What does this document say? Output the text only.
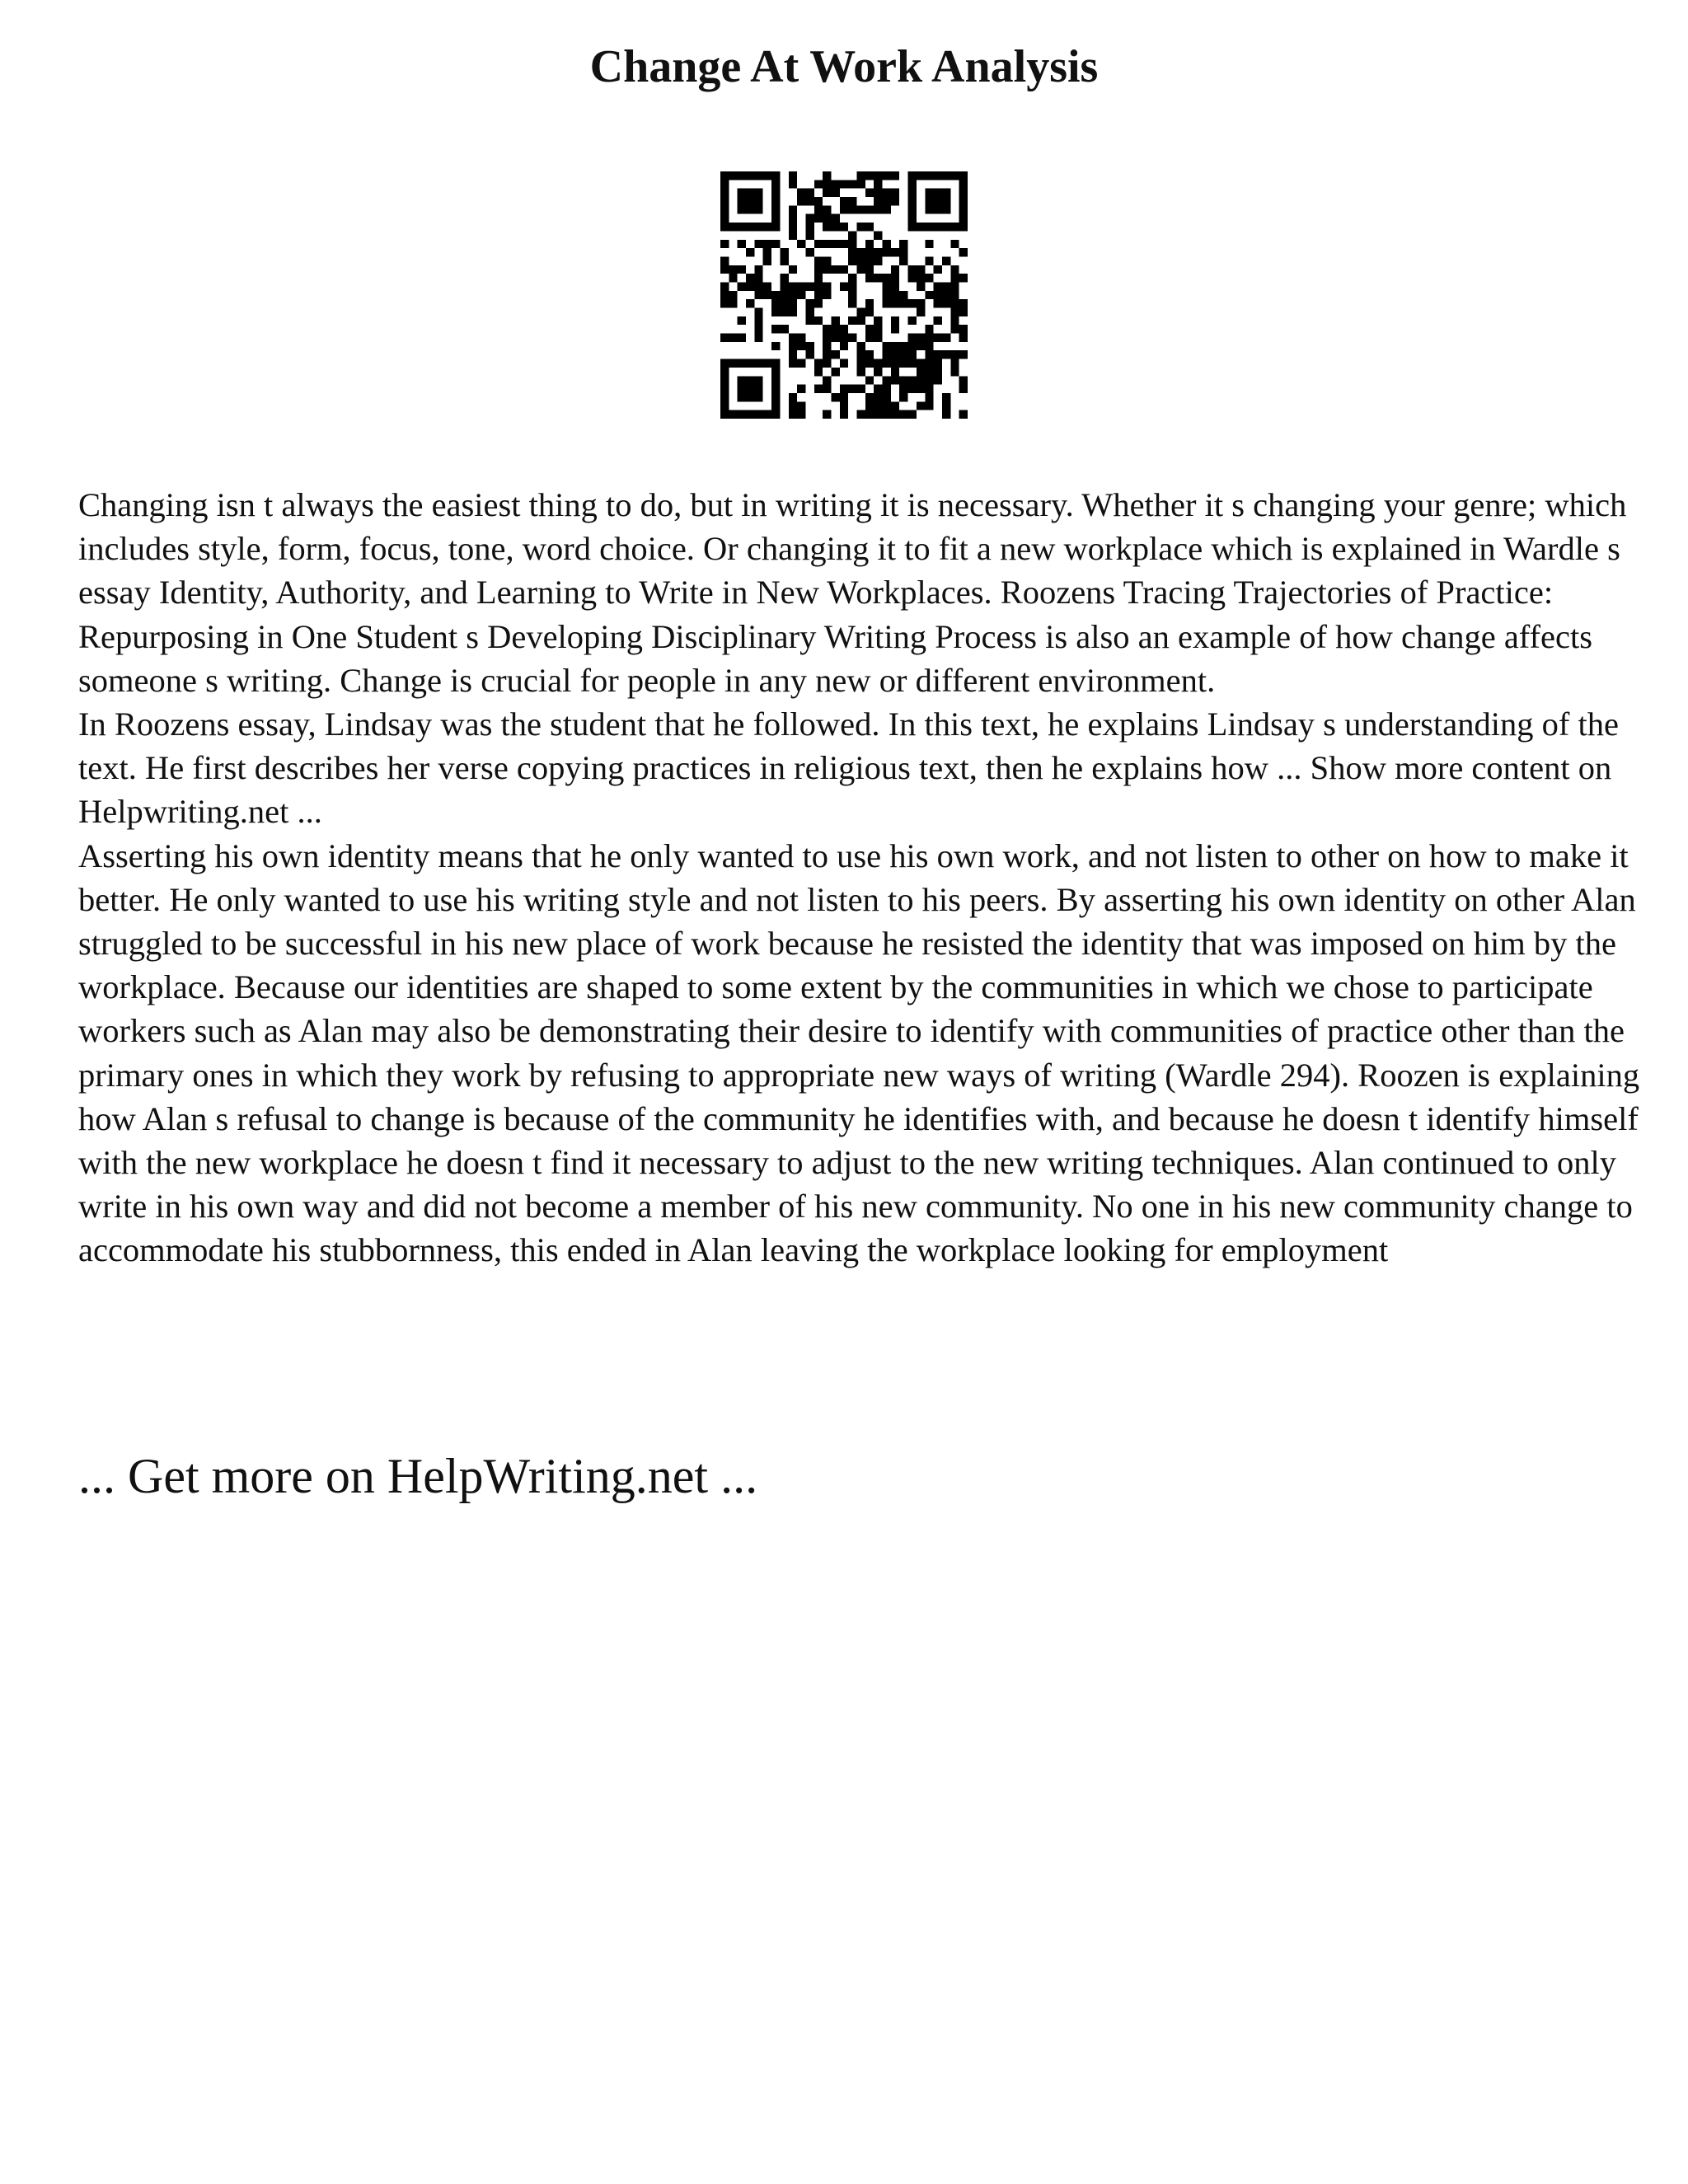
Change At Work Analysis

Changing isn t always the easiest thing to do, but in writing it is necessary. Whether it s changing your genre; which includes style, form, focus, tone, word choice. Or changing it to fit a new workplace which is explained in Wardle s essay Identity, Authority, and Learning to Write in New Workplaces. Roozens Tracing Trajectories of Practice: Repurposing in One Student s Developing Disciplinary Writing Process is also an example of how change affects someone s writing. Change is crucial for people in any new or different environment.

In Roozens essay, Lindsay was the student that he followed. In this text, he explains Lindsay s understanding of the text. He first describes her verse copying practices in religious text, then he explains how ... Show more content on Helpwriting.net ...

Asserting his own identity means that he only wanted to use his own work, and not listen to other on how to make it better. He only wanted to use his writing style and not listen to his peers. By asserting his own identity on other Alan struggled to be successful in his new place of work because he resisted the identity that was imposed on him by the workplace. Because our identities are shaped to some extent by the communities in which we chose to participate workers such as Alan may also be demonstrating their desire to identify with communities of practice other than the primary ones in which they work by refusing to appropriate new ways of writing (Wardle 294). Roozen is explaining how Alan s refusal to change is because of the community he identifies with, and because he doesn t identify himself with the new workplace he doesn t find it necessary to adjust to the new writing techniques. Alan continued to only write in his own way and did not become a member of his new community. No one in his new community change to accommodate his stubbornness, this ended in Alan leaving the workplace looking for employment

... Get more on HelpWriting.net ...
